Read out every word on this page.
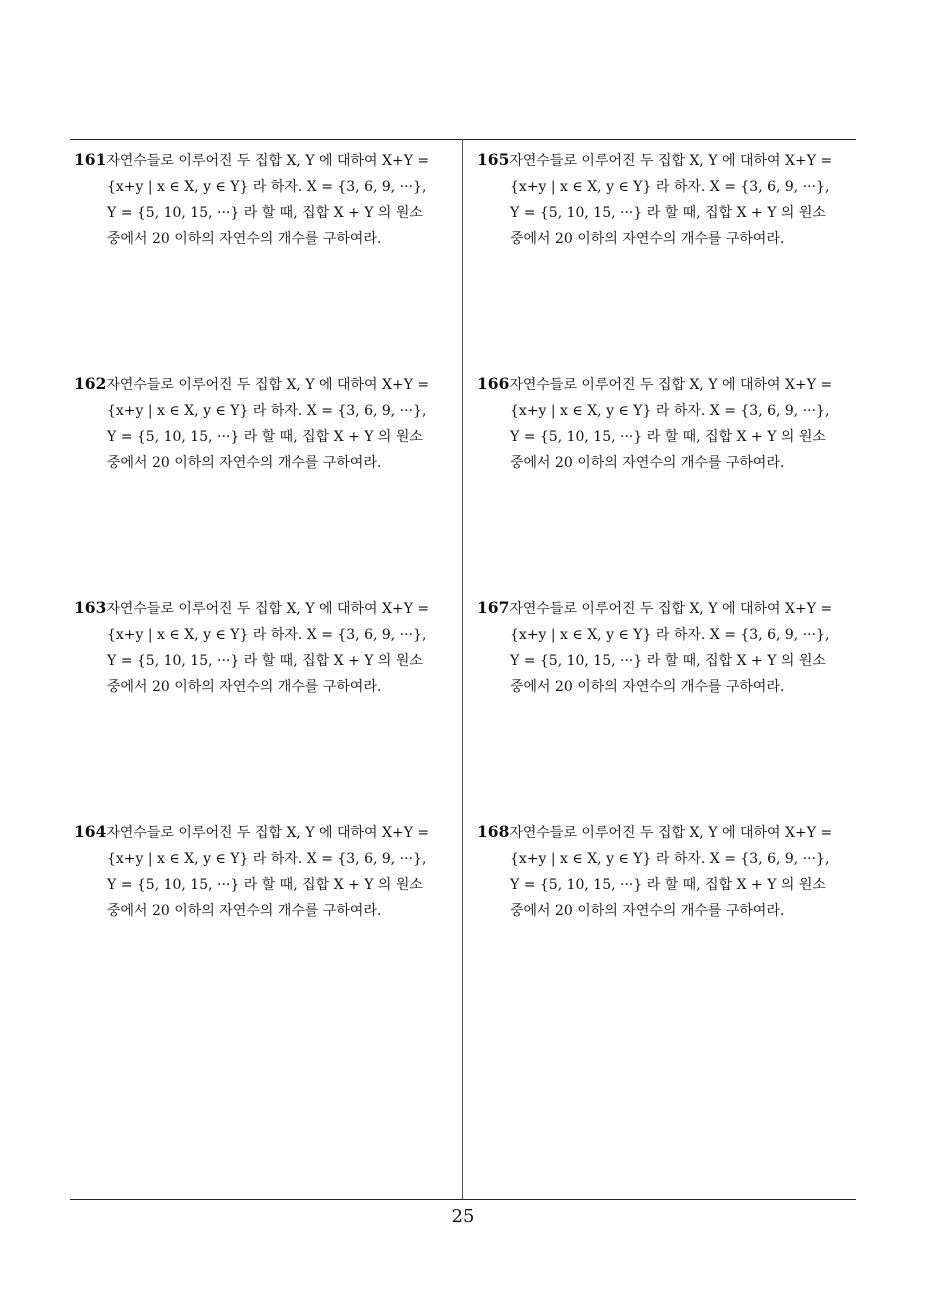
161자연수들로 이루어진 두 집합 X, Y 에 대하여 X+Y =
{x+y | x ∈ X, y ∈ Y} 라 하자. X = {3, 6, 9, ···},
Y = {5, 10, 15, ···} 라 할 때, 집합 X + Y 의 원소
중에서 20 이하의 자연수의 개수를 구하여라.
162자연수들로 이루어진 두 집합 X, Y 에 대하여 X+Y =
{x+y | x ∈ X, y ∈ Y} 라 하자. X = {3, 6, 9, ···},
Y = {5, 10, 15, ···} 라 할 때, 집합 X + Y 의 원소
중에서 20 이하의 자연수의 개수를 구하여라.
163자연수들로 이루어진 두 집합 X, Y 에 대하여 X+Y =
{x+y | x ∈ X, y ∈ Y} 라 하자. X = {3, 6, 9, ···},
Y = {5, 10, 15, ···} 라 할 때, 집합 X + Y 의 원소
중에서 20 이하의 자연수의 개수를 구하여라.
164자연수들로 이루어진 두 집합 X, Y 에 대하여 X+Y =
{x+y | x ∈ X, y ∈ Y} 라 하자. X = {3, 6, 9, ···},
Y = {5, 10, 15, ···} 라 할 때, 집합 X + Y 의 원소
중에서 20 이하의 자연수의 개수를 구하여라.
165자연수들로 이루어진 두 집합 X, Y 에 대하여 X+Y =
{x+y | x ∈ X, y ∈ Y} 라 하자. X = {3, 6, 9, ···},
Y = {5, 10, 15, ···} 라 할 때, 집합 X + Y 의 원소
중에서 20 이하의 자연수의 개수를 구하여라.
166자연수들로 이루어진 두 집합 X, Y 에 대하여 X+Y =
{x+y | x ∈ X, y ∈ Y} 라 하자. X = {3, 6, 9, ···},
Y = {5, 10, 15, ···} 라 할 때, 집합 X + Y 의 원소
중에서 20 이하의 자연수의 개수를 구하여라.
167자연수들로 이루어진 두 집합 X, Y 에 대하여 X+Y =
{x+y | x ∈ X, y ∈ Y} 라 하자. X = {3, 6, 9, ···},
Y = {5, 10, 15, ···} 라 할 때, 집합 X + Y 의 원소
중에서 20 이하의 자연수의 개수를 구하여라.
168자연수들로 이루어진 두 집합 X, Y 에 대하여 X+Y =
{x+y | x ∈ X, y ∈ Y} 라 하자. X = {3, 6, 9, ···},
Y = {5, 10, 15, ···} 라 할 때, 집합 X + Y 의 원소
중에서 20 이하의 자연수의 개수를 구하여라.
25
